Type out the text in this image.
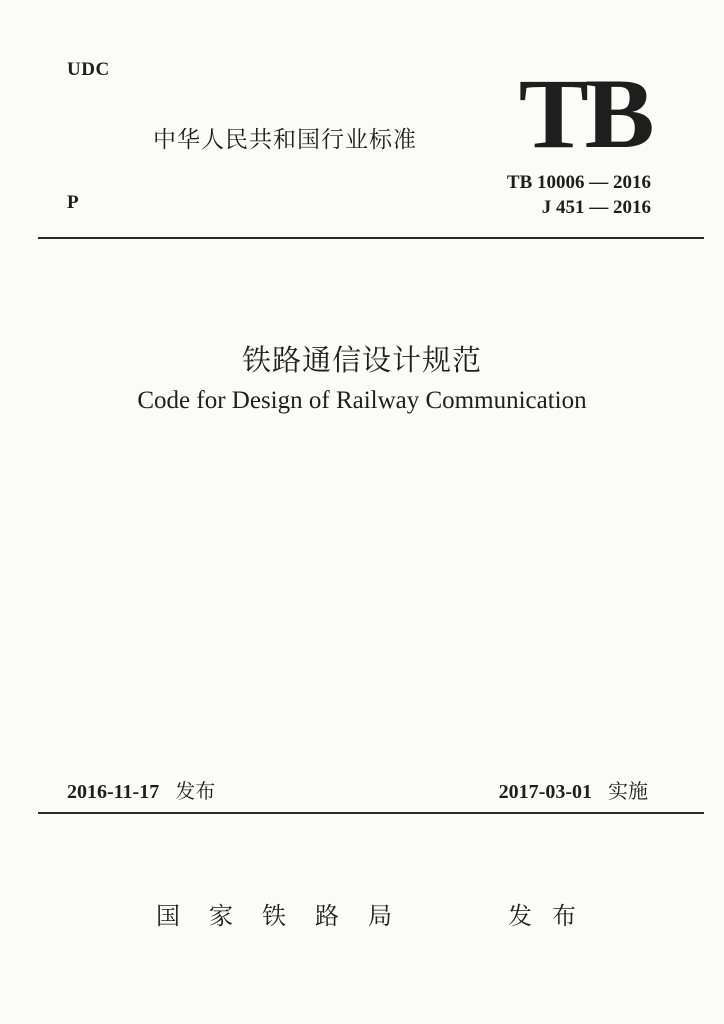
UDC
中华人民共和国行业标准 TB
P
TB 10006 — 2016
J 451 — 2016
铁路通信设计规范
Code for Design of Railway Communication
2016-11-17 发布	2017-03-01 实施
国家铁路局	发布
